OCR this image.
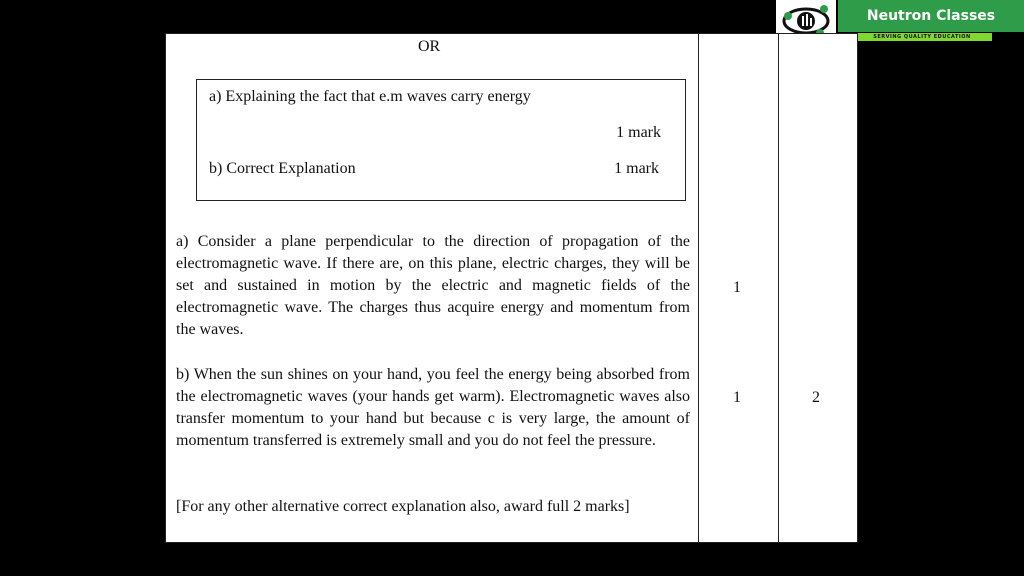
Neutron Classes
SERVING QUALITY EDUCATION
OR
a) Explaining the fact that e.m waves carry energy
1 mark
b) Correct Explanation	1 mark
a) Consider a plane perpendicular to the direction of propagation of the electromagnetic wave. If there are, on this plane, electric charges, they will be set and sustained in motion by the electric and magnetic fields of the electromagnetic wave. The charges thus acquire energy and momentum from the waves.
b) When the sun shines on your hand, you feel the energy being absorbed from the electromagnetic waves (your hands get warm). Electromagnetic waves also transfer momentum to your hand but because c is very large, the amount of momentum transferred is extremely small and you do not feel the pressure.
[For any other alternative correct explanation also, award full 2 marks]
1
1	2
